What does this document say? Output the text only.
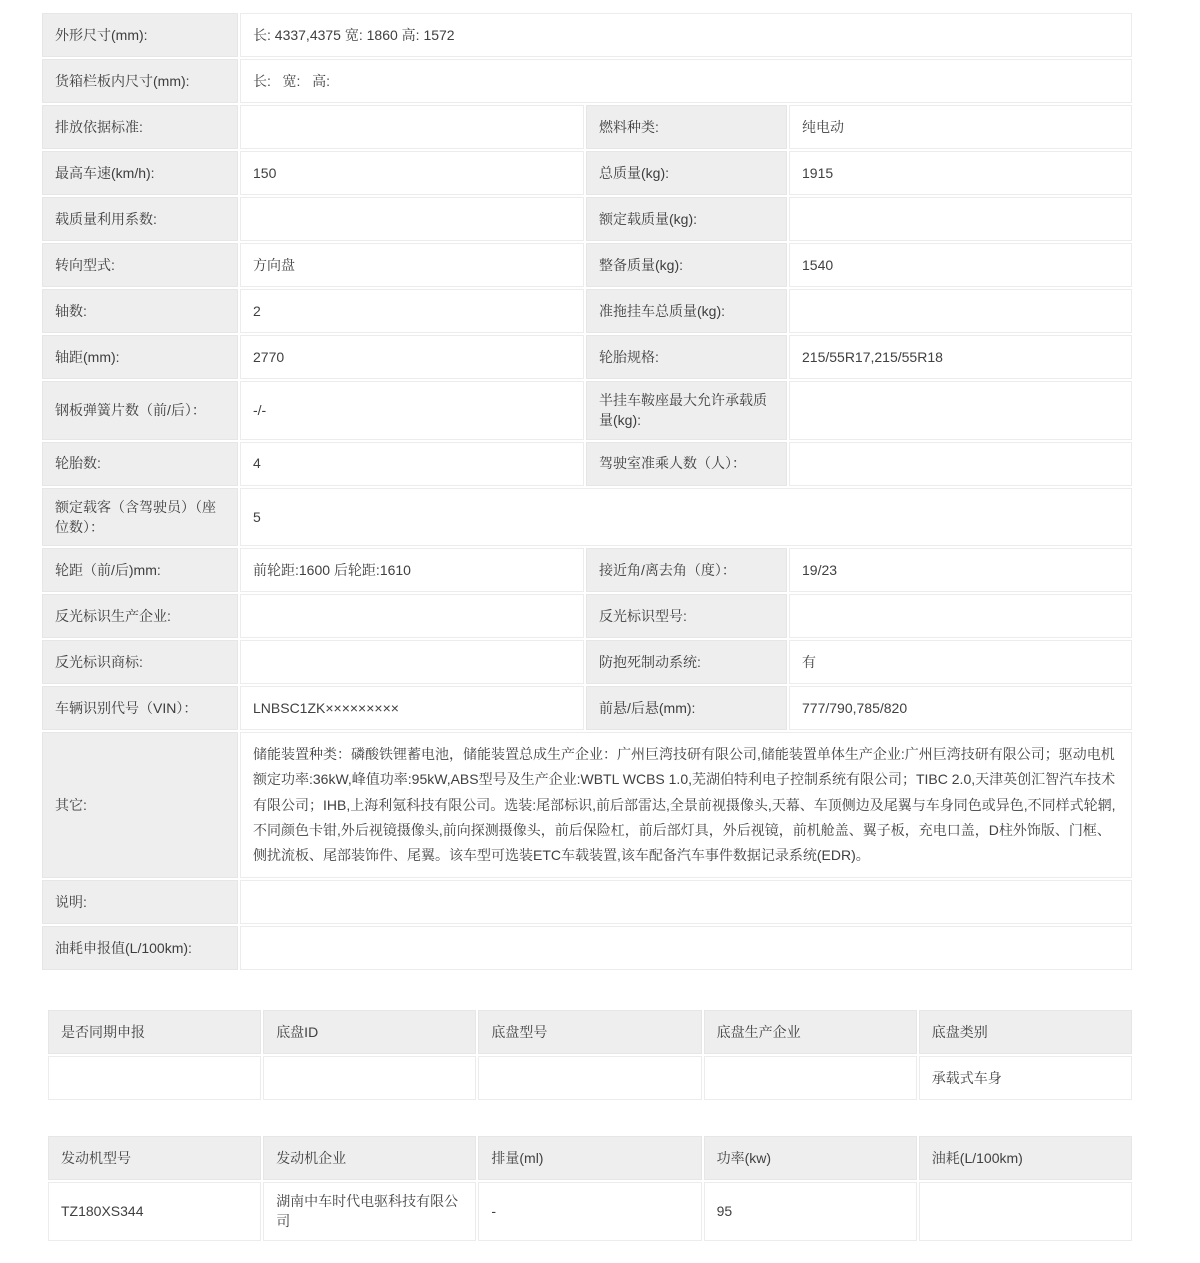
外形尺寸(mm):	长: 4337,4375 宽: 1860 高: 1572		
货箱栏板内尺寸(mm):	长:   宽:   高:		
排放依据标准:		燃料种类:	纯电动
最高车速(km/h):	150	总质量(kg):	1915
载质量利用系数:		额定载质量(kg):	
转向型式:	方向盘	整备质量(kg):	1540
轴数:	2	准拖挂车总质量(kg):	
轴距(mm):	2770	轮胎规格:	215/55R17,215/55R18
钢板弹簧片数（前/后）：	-/-	半挂车鞍座最大允许承载质量(kg):	
轮胎数:	4	驾驶室准乘人数（人）：	
额定载客（含驾驶员）（座位数）：	5		
轮距（前/后)mm:	前轮距:1600 后轮距:1610	接近角/离去角（度）：	19/23
反光标识生产企业:		反光标识型号:	
反光标识商标:		防抱死制动系统:	有
车辆识别代号（VIN）：	LNBSC1ZK×××××××××	前悬/后悬(mm):	777/790,785/820
其它:	储能装置种类：磷酸铁锂蓄电池，储能装置总成生产企业：广州巨湾技研有限公司,储能装置单体生产企业:广州巨湾技研有限公司；驱动电机额定功率:36kW,峰值功率:95kW,ABS型号及生产企业:WBTL WCBS 1.0,芜湖伯特利电子控制系统有限公司；TIBC 2.0,天津英创汇智汽车技术有限公司；IHB,上海利氪科技有限公司。选装:尾部标识,前后部雷达,全景前视摄像头,天幕、车顶侧边及尾翼与车身同色或异色,不同样式轮辋,不同颜色卡钳,外后视镜摄像头,前向探测摄像头，前后保险杠，前后部灯具，外后视镜，前机舱盖、翼子板，充电口盖，D柱外饰版、门框、侧扰流板、尾部装饰件、尾翼。该车型可选装ETC车载装置,该车配备汽车事件数据记录系统(EDR)。		
说明:			
油耗申报值(L/100km):			
是否同期申报	底盘ID	底盘型号	底盘生产企业	底盘类别
				承载式车身
发动机型号	发动机企业	排量(ml)	功率(kw)	油耗(L/100km)
TZ180XS344	湖南中车时代电驱科技有限公司	-	95	
